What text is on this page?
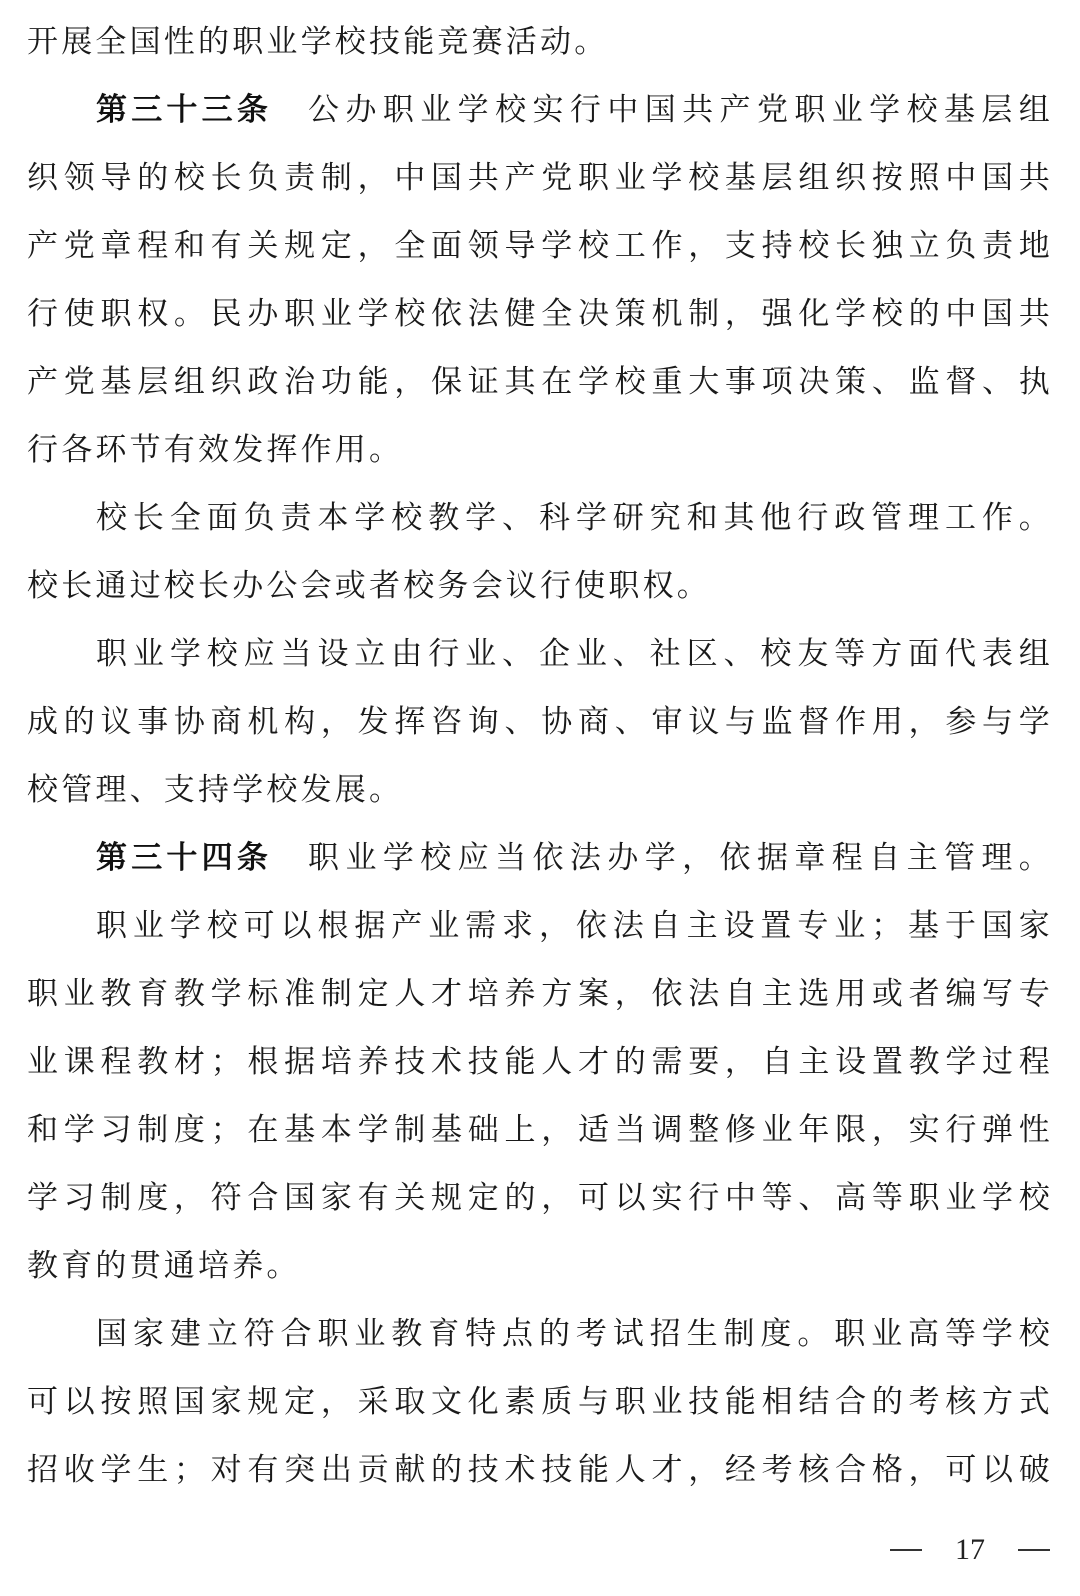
开展全国性的职业学校技能竞赛活动。
第三十三条 公办职业学校实行中国共产党职业学校基层组
织领导的校长负责制，中国共产党职业学校基层组织按照中国共
产党章程和有关规定，全面领导学校工作，支持校长独立负责地
行使职权。民办职业学校依法健全决策机制，强化学校的中国共
产党基层组织政治功能，保证其在学校重大事项决策、监督、执
行各环节有效发挥作用。
校长全面负责本学校教学、科学研究和其他行政管理工作。
校长通过校长办公会或者校务会议行使职权。
职业学校应当设立由行业、企业、社区、校友等方面代表组
成的议事协商机构，发挥咨询、协商、审议与监督作用，参与学
校管理、支持学校发展。
第三十四条 职业学校应当依法办学，依据章程自主管理。
职业学校可以根据产业需求，依法自主设置专业；基于国家
职业教育教学标准制定人才培养方案，依法自主选用或者编写专
业课程教材；根据培养技术技能人才的需要，自主设置教学过程
和学习制度；在基本学制基础上，适当调整修业年限，实行弹性
学习制度，符合国家有关规定的，可以实行中等、高等职业学校
教育的贯通培养。
国家建立符合职业教育特点的考试招生制度。职业高等学校
可以按照国家规定，采取文化素质与职业技能相结合的考核方式
招收学生；对有突出贡献的技术技能人才，经考核合格，可以破
17
